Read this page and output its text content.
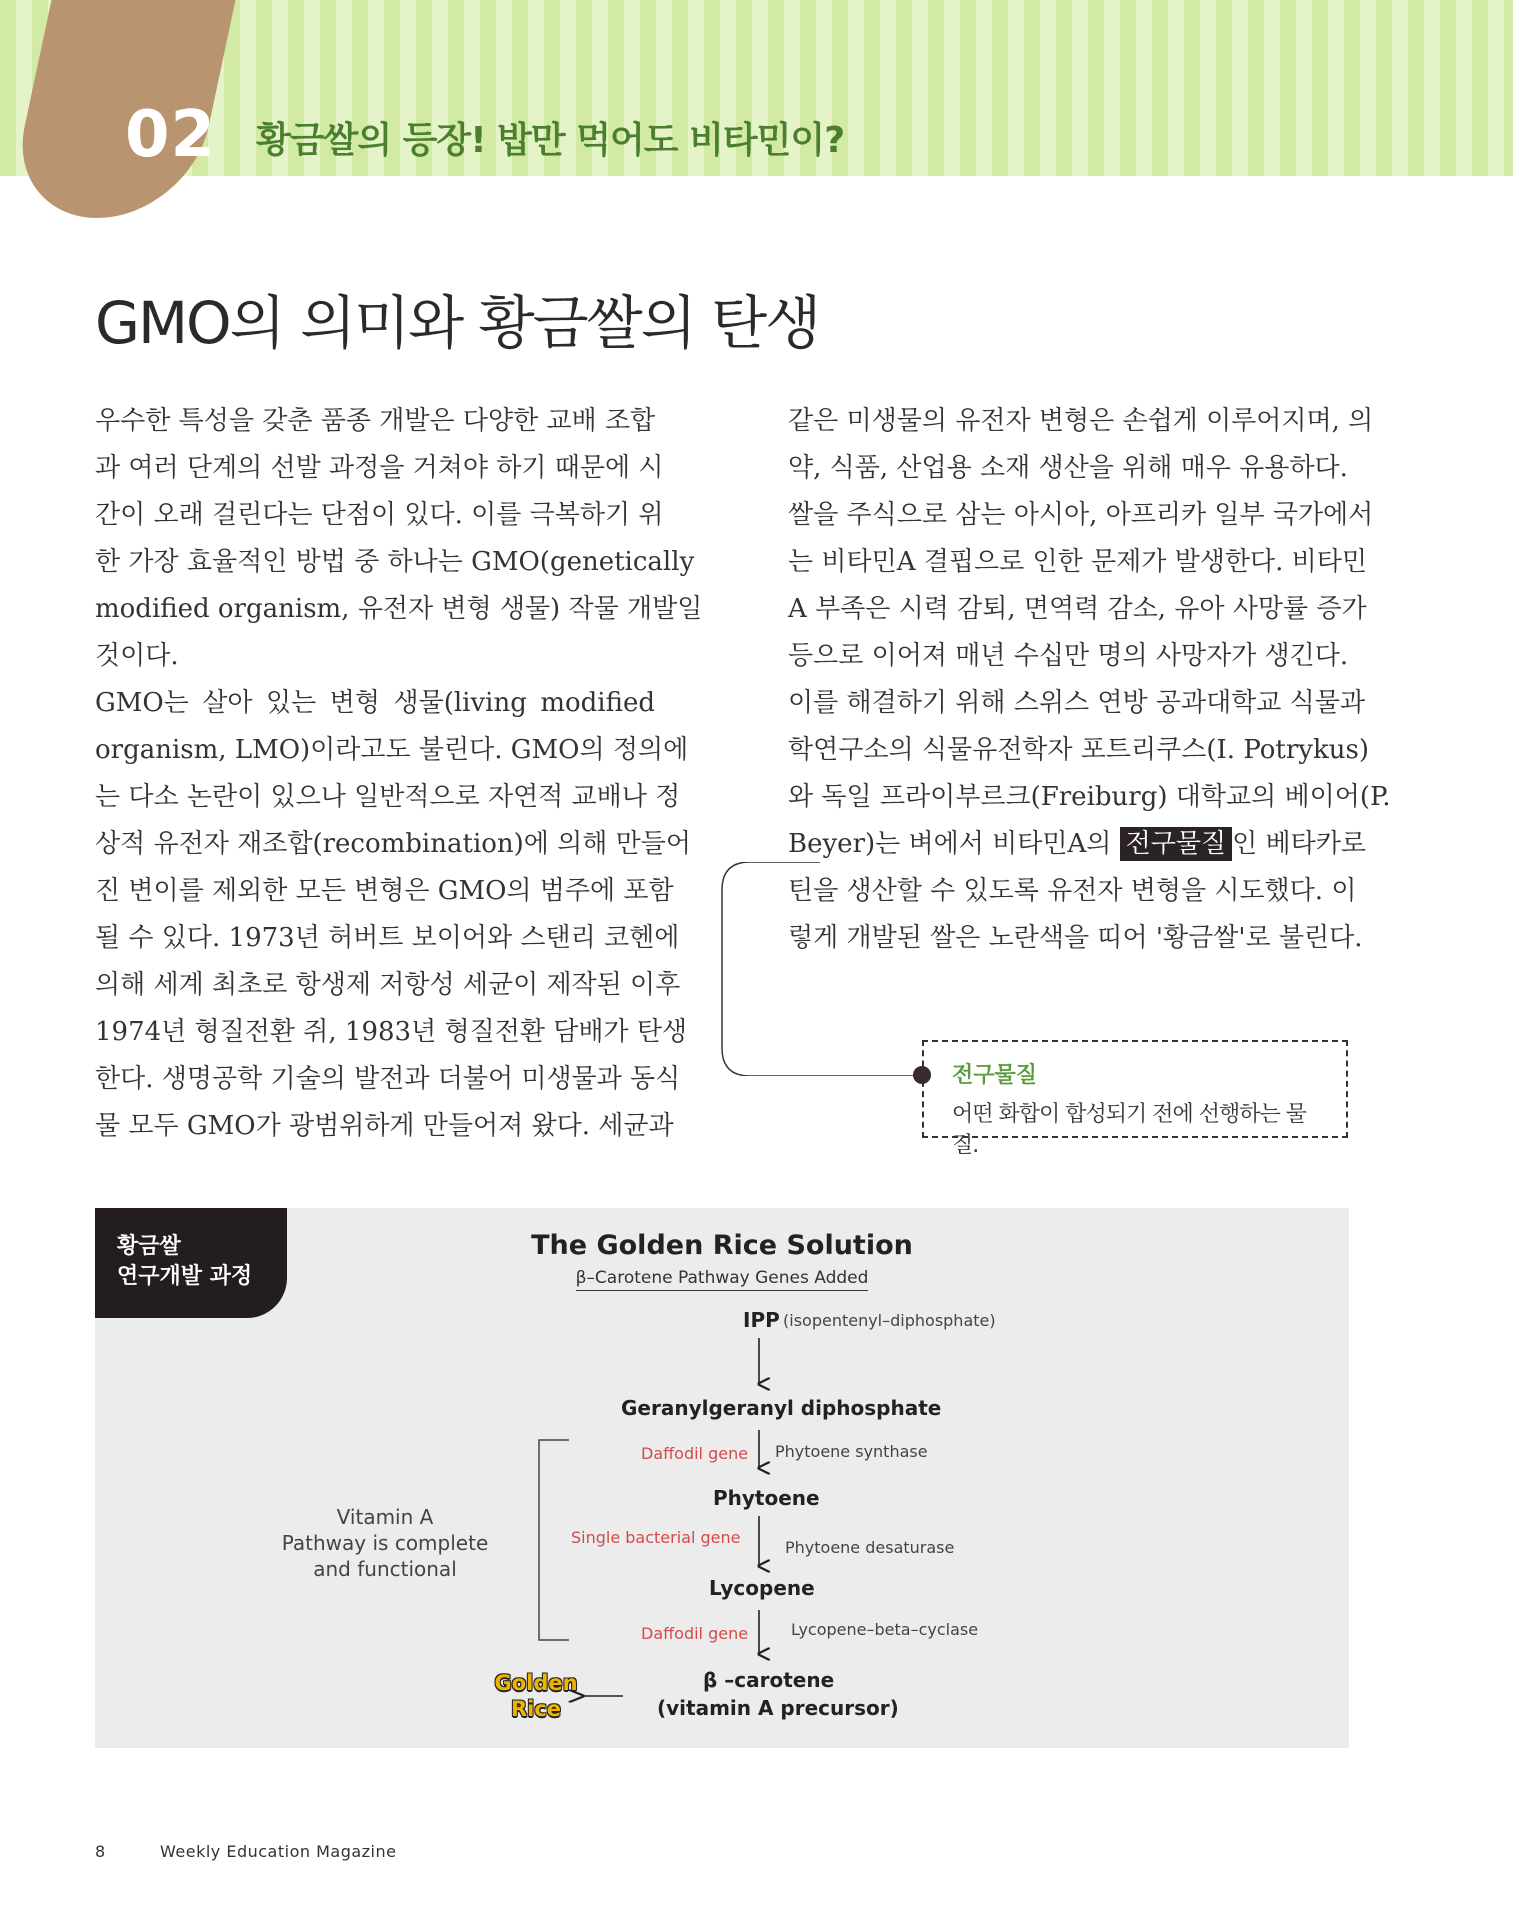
02	황금쌀의 등장! 밥만 먹어도 비타민이?
GMO의 의미와 황금쌀의 탄생

우수한 특성을 갖춘 품종 개발은 다양한 교배 조합

과 여러 단계의 선발 과정을 거쳐야 하기 때문에 시

간이 오래 걸린다는 단점이 있다. 이를 극복하기 위

한 가장 효율적인 방법 중 하나는 GMO(genetically

modified organism, 유전자 변형 생물) 작물 개발일

것이다.

GMO는 살아 있는 변형 생물(living modified

organism, LMO)이라고도 불린다. GMO의 정의에

는 다소 논란이 있으나 일반적으로 자연적 교배나 정

상적 유전자 재조합(recombination)에 의해 만들어

진 변이를 제외한 모든 변형은 GMO의 범주에 포함

될 수 있다. 1973년 허버트 보이어와 스탠리 코헨에

의해 세계 최초로 항생제 저항성 세균이 제작된 이후

1974년 형질전환 쥐, 1983년 형질전환 담배가 탄생

한다. 생명공학 기술의 발전과 더불어 미생물과 동식

물 모두 GMO가 광범위하게 만들어져 왔다. 세균과

같은 미생물의 유전자 변형은 손쉽게 이루어지며, 의

약, 식품, 산업용 소재 생산을 위해 매우 유용하다.

쌀을 주식으로 삼는 아시아, 아프리카 일부 국가에서

는 비타민A 결핍으로 인한 문제가 발생한다. 비타민

A 부족은 시력 감퇴, 면역력 감소, 유아 사망률 증가

등으로 이어져 매년 수십만 명의 사망자가 생긴다.

이를 해결하기 위해 스위스 연방 공과대학교 식물과

학연구소의 식물유전학자 포트리쿠스(I. Potrykus)

와 독일 프라이부르크(Freiburg) 대학교의 베이어(P.

Beyer)는 벼에서 비타민A의 전구물질 인 베타카로

틴을 생산할 수 있도록 유전자 변형을 시도했다. 이

렇게 개발된 쌀은 노란색을 띠어 '황금쌀'로 불린다.

전구물질
어떤 화합이 합성되기 전에 선행하는 물질.
황금쌀
연구개발 과정
The Golden Rice Solution
β–Carotene Pathway Genes Added
IPP (isopentenyl–diphosphate)
Geranylgeranyl diphosphate
Daffodil gene Phytoene synthase
Phytoene
Single bacterial gene
Phytoene desaturase
Lycopene
Daffodil gene	Lycopene–beta–cyclase
β –carotene
(vitamin A precursor)
Vitamin A
Pathway is complete
and functional
Golden
Rice
8	Weekly Education Magazine
